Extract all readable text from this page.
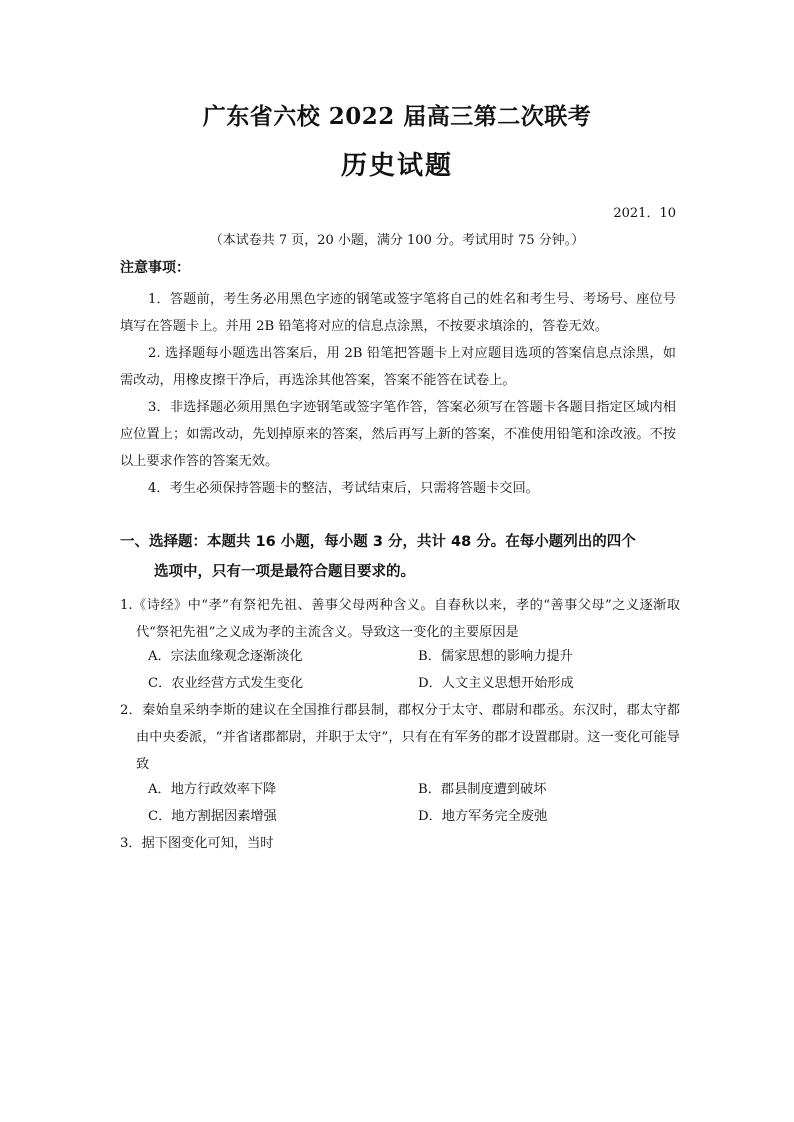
广东省六校 2022 届高三第二次联考
历史试题
2021．10
（本试卷共 7 页，20 小题，满分 100 分。考试用时 75 分钟。）
注意事项：

1．答题前，考生务必用黑色字迹的钢笔或签字笔将自己的姓名和考生号、考场号、座位号填写在答题卡上。并用 2B 铅笔将对应的信息点涂黑，不按要求填涂的，答卷无效。

2. 选择题每小题选出答案后，用 2B 铅笔把答题卡上对应题目选项的答案信息点涂黑，如需改动，用橡皮擦干净后，再选涂其他答案，答案不能答在试卷上。

3．非选择题必须用黑色字迹钢笔或签字笔作答，答案必须写在答题卡各题目指定区域内相应位置上；如需改动，先划掉原来的答案，然后再写上新的答案，不准使用铅笔和涂改液。不按以上要求作答的答案无效。

4．考生必须保持答题卡的整洁，考试结束后，只需将答题卡交回。

一、选择题：本题共 16 小题，每小题 3 分，共计 48 分。在每小题列出的四个
选项中，只有一项是最符合题目要求的。

1.《诗经》中“孝”有祭祀先祖、善事父母两种含义。自春秋以来，孝的“善事父母”之义逐渐取代“祭祀先祖”之义成为孝的主流含义。导致这一变化的主要原因是

A．宗法血缘观念逐渐淡化	B．儒家思想的影响力提升
C．农业经营方式发生变化	D．人文主义思想开始形成

2．秦始皇采纳李斯的建议在全国推行郡县制，郡权分于太守、郡尉和郡丞。东汉时，郡太守都由中央委派，“并省诸郡都尉，并职于太守”，只有在有军务的郡才设置郡尉。这一变化可能导致

A．地方行政效率下降	B．郡县制度遭到破坏
C．地方割据因素增强	D．地方军务完全废弛

3．据下图变化可知，当时
